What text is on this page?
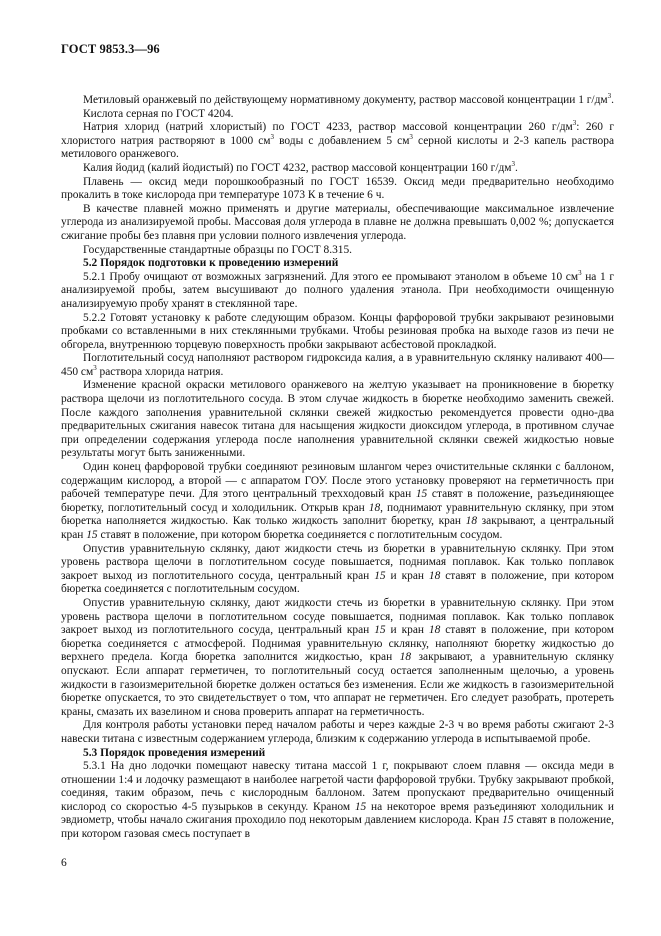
ГОСТ 9853.3—96

Метиловый оранжевый по действующему нормативному документу, раствор массовой концентрации 1 $г/дм^3$.

Кислота серная по ГОСТ 4204.

Натрия хлорид (натрий хлористый) по ГОСТ 4233, раствор массовой концентрации 260 $г/дм^3$: 260 г хлористого натрия растворяют в 1000 $см^3$ воды с добавлением 5 $см^3$ серной кислоты и 2-3 капель раствора метилового оранжевого.

Калия йодид (калий йодистый) по ГОСТ 4232, раствор массовой концентрации 160 $г/дм^3$.

Плавень — оксид меди порошкообразный по ГОСТ 16539. Оксид меди предварительно необходимо прокалить в токе кислорода при температуре 1073 К в течение 6 ч.

В качестве плавней можно применять и другие материалы, обеспечивающие максимальное извлечение углерода из анализируемой пробы. Массовая доля углерода в плавне не должна превышать 0,002 %; допускается сжигание пробы без плавня при условии полного извлечения углерода.

Государственные стандартные образцы по ГОСТ 8.315.

5.2 Порядок подготовки к проведению измерений

5.2.1 Пробу очищают от возможных загрязнений. Для этого ее промывают этанолом в объеме 10 $см^3$ на 1 г анализируемой пробы, затем высушивают до полного удаления этанола. При необходимости очищенную анализируемую пробу хранят в стеклянной таре.

5.2.2 Готовят установку к работе следующим образом. Концы фарфоровой трубки закрывают резиновыми пробками со вставленными в них стеклянными трубками. Чтобы резиновая пробка на выходе газов из печи не обгорела, внутреннюю торцевую поверхность пробки закрывают асбестовой прокладкой.

Поглотительный сосуд наполняют раствором гидроксида калия, а в уравнительную склянку наливают 400—450 $см^3$ раствора хлорида натрия.

Изменение красной окраски метилового оранжевого на желтую указывает на проникновение в бюретку раствора щелочи из поглотительного сосуда. В этом случае жидкость в бюретке необходимо заменить свежей. После каждого заполнения уравнительной склянки свежей жидкостью рекомендуется провести одно-два предварительных сжигания навесок титана для насыщения жидкости диоксидом углерода, в противном случае при определении содержания углерода после наполнения уравнительной склянки свежей жидкостью новые результаты могут быть заниженными.

Один конец фарфоровой трубки соединяют резиновым шлангом через очистительные склянки с баллоном, содержащим кислород, а второй — с аппаратом ГОУ. После этого установку проверяют на герметичность при рабочей температуре печи. Для этого центральный трехходовый кран 15 ставят в положение, разъединяющее бюретку, поглотительный сосуд и холодильник. Открыв кран 18, поднимают уравнительную склянку, при этом бюретка наполняется жидкостью. Как только жидкость заполнит бюретку, кран 18 закрывают, а центральный кран 15 ставят в положение, при котором бюретка соединяется с поглотительным сосудом.

Опустив уравнительную склянку, дают жидкости стечь из бюретки в уравнительную склянку. При этом уровень раствора щелочи в поглотительном сосуде повышается, поднимая поплавок. Как только поплавок закроет выход из поглотительного сосуда, центральный кран 15 и кран 18 ставят в положение, при котором бюретка соединяется с поглотительным сосудом.

Опустив уравнительную склянку, дают жидкости стечь из бюретки в уравнительную склянку. При этом уровень раствора щелочи в поглотительном сосуде повышается, поднимая поплавок. Как только поплавок закроет выход из поглотительного сосуда, центральный кран 15 и кран 18 ставят в положение, при котором бюретка соединяется с атмосферой. Поднимая уравнительную склянку, наполняют бюретку жидкостью до верхнего предела. Когда бюретка заполнится жидкостью, кран 18 закрывают, а уравнительную склянку опускают. Если аппарат герметичен, то поглотительный сосуд остается заполненным щелочью, а уровень жидкости в газоизмерительной бюретке должен остаться без изменения. Если же жидкость в газоизмерительной бюретке опускается, то это свидетельствует о том, что аппарат не герметичен. Его следует разобрать, протереть краны, смазать их вазелином и снова проверить аппарат на герметичность.

Для контроля работы установки перед началом работы и через каждые 2-3 ч во время работы сжигают 2-3 навески титана с известным содержанием углерода, близким к содержанию углерода в испытываемой пробе.

5.3 Порядок проведения измерений

5.3.1 На дно лодочки помещают навеску титана массой 1 г, покрывают слоем плавня — оксида меди в отношении 1:4 и лодочку размещают в наиболее нагретой части фарфоровой трубки. Трубку закрывают пробкой, соединяя, таким образом, печь с кислородным баллоном. Затем пропускают предварительно очищенный кислород со скоростью 4-5 пузырьков в секунду. Краном 15 на некоторое время разъединяют холодильник и эвдиометр, чтобы начало сжигания проходило под некоторым давлением кислорода. Кран 15 ставят в положение, при котором газовая смесь поступает в

6
